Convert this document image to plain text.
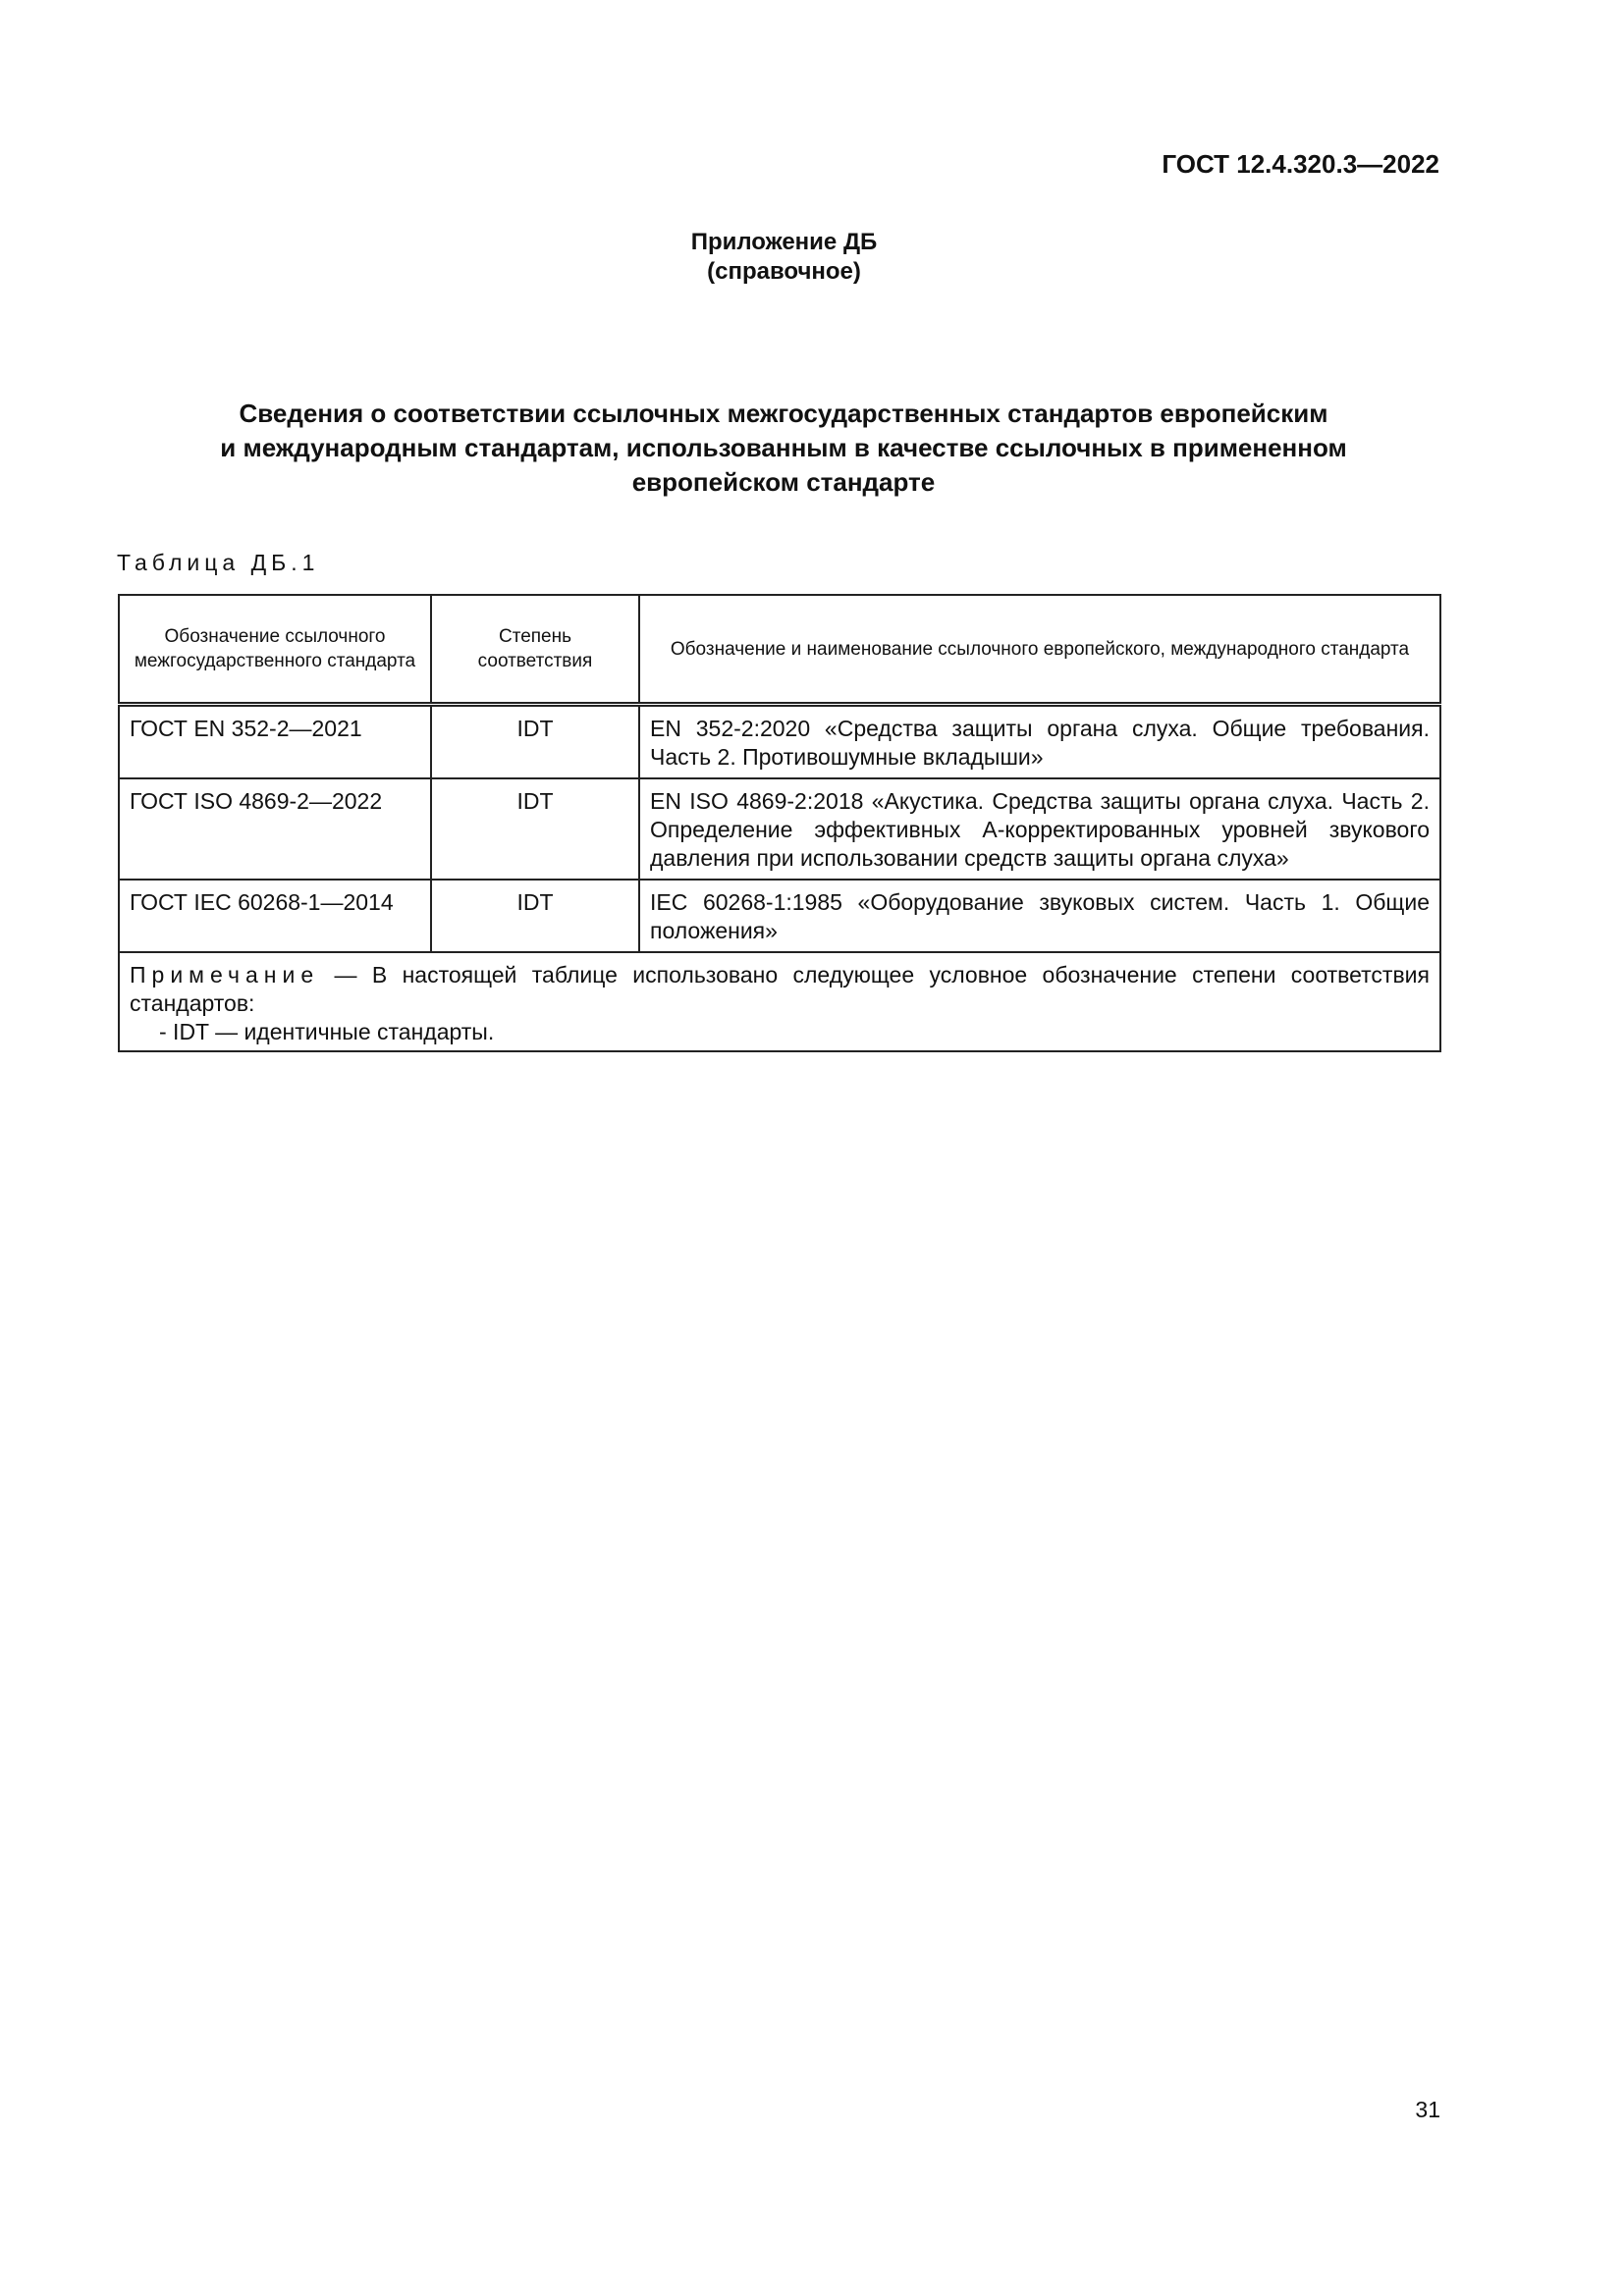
ГОСТ 12.4.320.3—2022
Приложение ДБ
(справочное)
Сведения о соответствии ссылочных межгосударственных стандартов европейским
и международным стандартам, использованным в качестве ссылочных в примененном
европейском стандарте
Таблица ДБ.1
Обозначение ссылочного межгосударственного стандарта	Степень соответствия	Обозначение и наименование ссылочного европейского, международного стандарта
ГОСТ EN 352-2—2021	IDT	EN 352-2:2020 «Средства защиты органа слуха. Общие требования. Часть 2. Противошумные вкладыши»
ГОСТ ISO 4869-2—2022	IDT	EN ISO 4869-2:2018 «Акустика. Средства защиты органа слуха. Часть 2. Определение эффективных А-корректированных уровней звукового давления при использовании средств защиты органа слуха»
ГОСТ IEC 60268-1—2014	IDT	IEC 60268-1:1985 «Оборудование звуковых систем. Часть 1. Общие положения»
Примечание — В настоящей таблице использовано следующее условное обозначение степени соответствия стандартов:
- IDT — идентичные стандарты.		
31
